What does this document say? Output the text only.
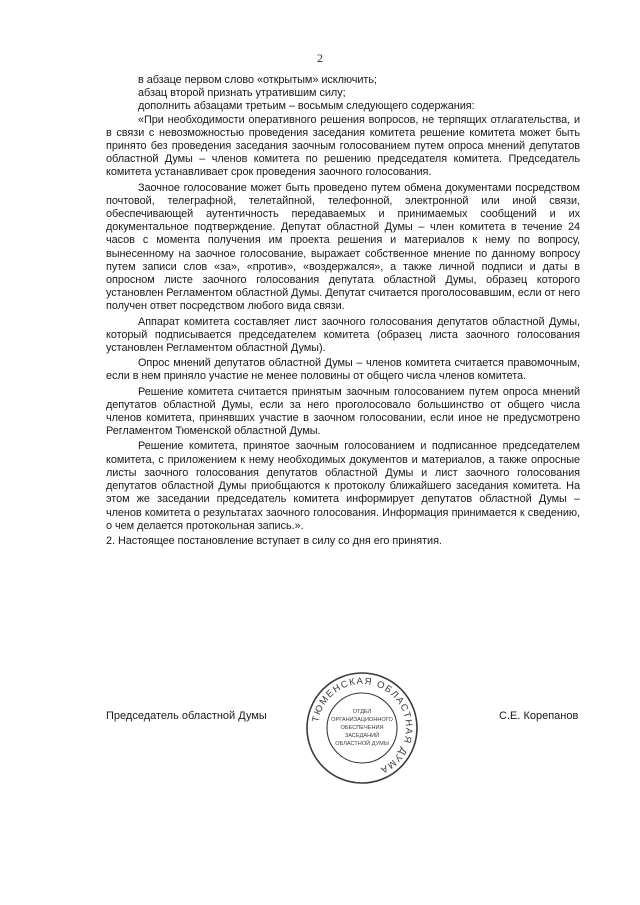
2

в абзаце первом слово «открытым» исключить;

абзац второй признать утратившим силу;

дополнить абзацами третьим – восьмым следующего содержания:

«При необходимости оперативного решения вопросов, не терпящих отлагательства, и в связи с невозможностью проведения заседания комитета решение комитета может быть принято без проведения заседания заочным голосованием путем опроса мнений депутатов областной Думы – членов комитета по решению председателя комитета. Председатель комитета устанавливает срок проведения заочного голосования.

Заочное голосование может быть проведено путем обмена документами посредством почтовой, телеграфной, телетайпной, телефонной, электронной или иной связи, обеспечивающей аутентичность передаваемых и принимаемых сообщений и их документальное подтверждение. Депутат областной Думы – член комитета в течение 24 часов с момента получения им проекта решения и материалов к нему по вопросу, вынесенному на заочное голосование, выражает собственное мнение по данному вопросу путем записи слов «за», «против», «воздержался», а также личной подписи и даты в опросном листе заочного голосования депутата областной Думы, образец которого установлен Регламентом областной Думы. Депутат считается проголосовавшим, если от него получен ответ посредством любого вида связи.

Аппарат комитета составляет лист заочного голосования депутатов областной Думы, который подписывается председателем комитета (образец листа заочного голосования установлен Регламентом областной Думы).

Опрос мнений депутатов областной Думы – членов комитета считается правомочным, если в нем приняло участие не менее половины от общего числа членов комитета.

Решение комитета считается принятым заочным голосованием путем опроса мнений депутатов областной Думы, если за него проголосовало большинство от общего числа членов комитета, принявших участие в заочном голосовании, если иное не предусмотрено Регламентом Тюменской областной Думы.

Решение комитета, принятое заочным голосованием и подписанное председателем комитета, с приложением к нему необходимых документов и материалов, а также опросные листы заочного голосования депутатов областной Думы и лист заочного голосования депутатов областной Думы приобщаются к протоколу ближайшего заседания комитета. На этом же заседании председатель комитета информирует депутатов областной Думы – членов комитета о результатах заочного голосования. Информация принимается к сведению, о чем делается протокольная запись.».

2. Настоящее постановление вступает в силу со дня его принятия.

Председатель областной Думы	ТЮМЕНСКАЯ ОБЛАСТНАЯ ДУМА
ОТДЕЛ
ОРГАНИЗАЦИОННОГО
ОБЕСПЕЧЕНИЯ
ЗАСЕДАНИЙ
ОБЛАСТНОЙ ДУМЫ
С.Е. Корепанов
